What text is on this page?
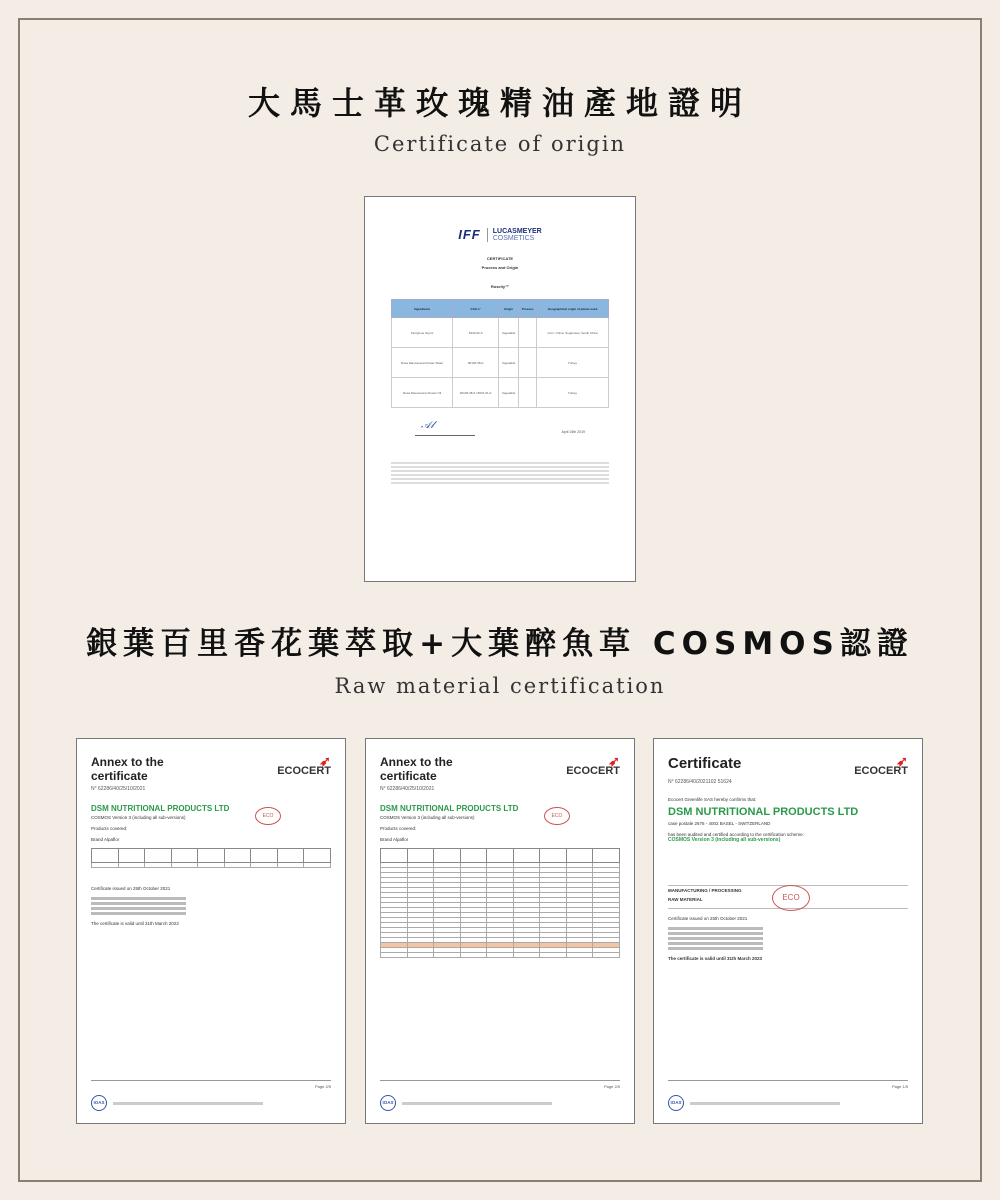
大馬士革玫瑰精油產地證明
Certificate of origin
IFF	LUCASMEYER
COSMETICS
CERTIFICATE
Process and Origin
Roseliy™
Ingredients	CAS n°	Origin	Process	Geographical origin of plants used
Pentylene Glycol	5343-92-0	Vegetable		Corn: China, Sugarcane: South Africa
Rosa Damascena Flower Water	90106-38-0	Vegetable		Turkey
Rosa Damascena Flower Oil	90106-38-0 / 8007-01-0	Vegetable		Turkey
𝒜𝓁
April 15th 2019
銀葉百里香花葉萃取+大葉醉魚草 COSMOS認證
Raw material certification
Annex to the certificate
➶
ECOCERT
N° 62286/40/25/10/2021
DSM NUTRITIONAL PRODUCTS LTD
COSMOS Version 3 (including all sub-versions)	ECO
Products covered:
Brand Alpaflor

Certificate issued on 25th October 2021
The certificate is valid until 31th March 2023
Page 2/5
IOAS
Annex to the certificate
➶
ECOCERT
N° 62286/40/25/10/2021
DSM NUTRITIONAL PRODUCTS LTD
COSMOS Version 3 (including all sub-versions)	ECO
Products covered:
Brand Alpaflor

Page 2/5
IOAS
Certificate	➶
ECOCERT
N° 62286/40/2021102 51624
Ecocert Greenlife SAS hereby confirms that:
DSM NUTRITIONAL PRODUCTS LTD
case postale 2676 - 4002 BASEL - SWITZERLAND
has been audited and certified according to the certification scheme:
COSMOS Version 3 (including all sub-versions)
ECO
MANUFACTURING / PROCESSING
RAW MATERIAL
Certificate issued on 25th October 2021
The certificate is valid until 31th March 2023
Page 1/5
IOAS
